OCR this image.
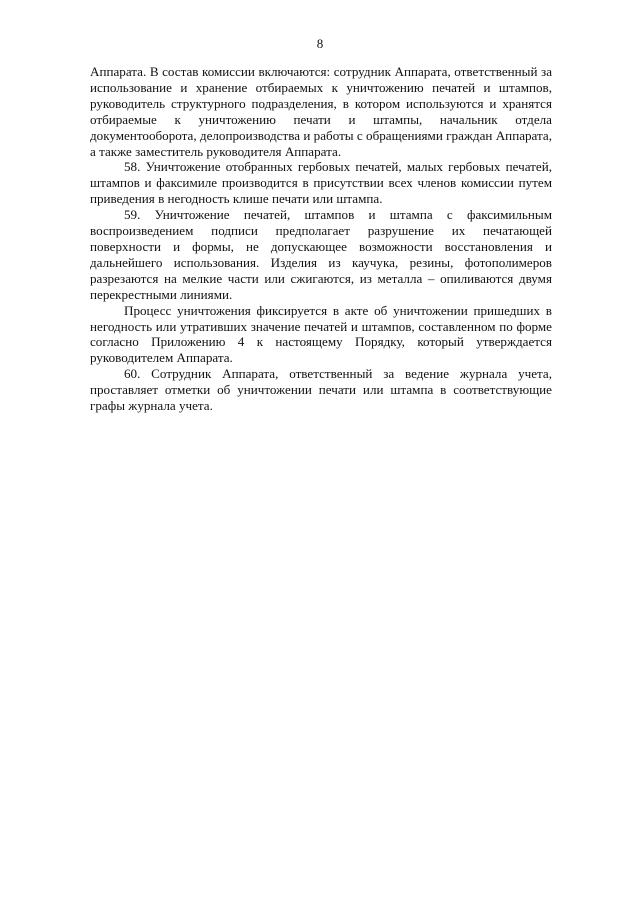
8

Аппарата. В состав комиссии включаются: сотрудник Аппарата, ответственный за использование и хранение отбираемых к уничтожению печатей и штампов, руководитель структурного подразделения, в котором используются и хранятся отбираемые к уничтожению печати и штампы, начальник отдела документооборота, делопроизводства и работы с обращениями граждан Аппарата, а также заместитель руководителя Аппарата.

58. Уничтожение отобранных гербовых печатей, малых гербовых печатей, штампов и факсимиле производится в присутствии всех членов комиссии путем приведения в негодность клише печати или штампа.

59. Уничтожение печатей, штампов и штампа с факсимильным воспроизведением подписи предполагает разрушение их печатающей поверхности и формы, не допускающее возможности восстановления и дальнейшего использования. Изделия из каучука, резины, фотополимеров разрезаются на мелкие части или сжигаются, из металла – опиливаются двумя перекрестными линиями.

Процесс уничтожения фиксируется в акте об уничтожении пришедших в негодность или утративших значение печатей и штампов, составленном по форме согласно Приложению 4 к настоящему Порядку, который утверждается руководителем Аппарата.

60. Сотрудник Аппарата, ответственный за ведение журнала учета, проставляет отметки об уничтожении печати или штампа в соответствующие графы журнала учета.
